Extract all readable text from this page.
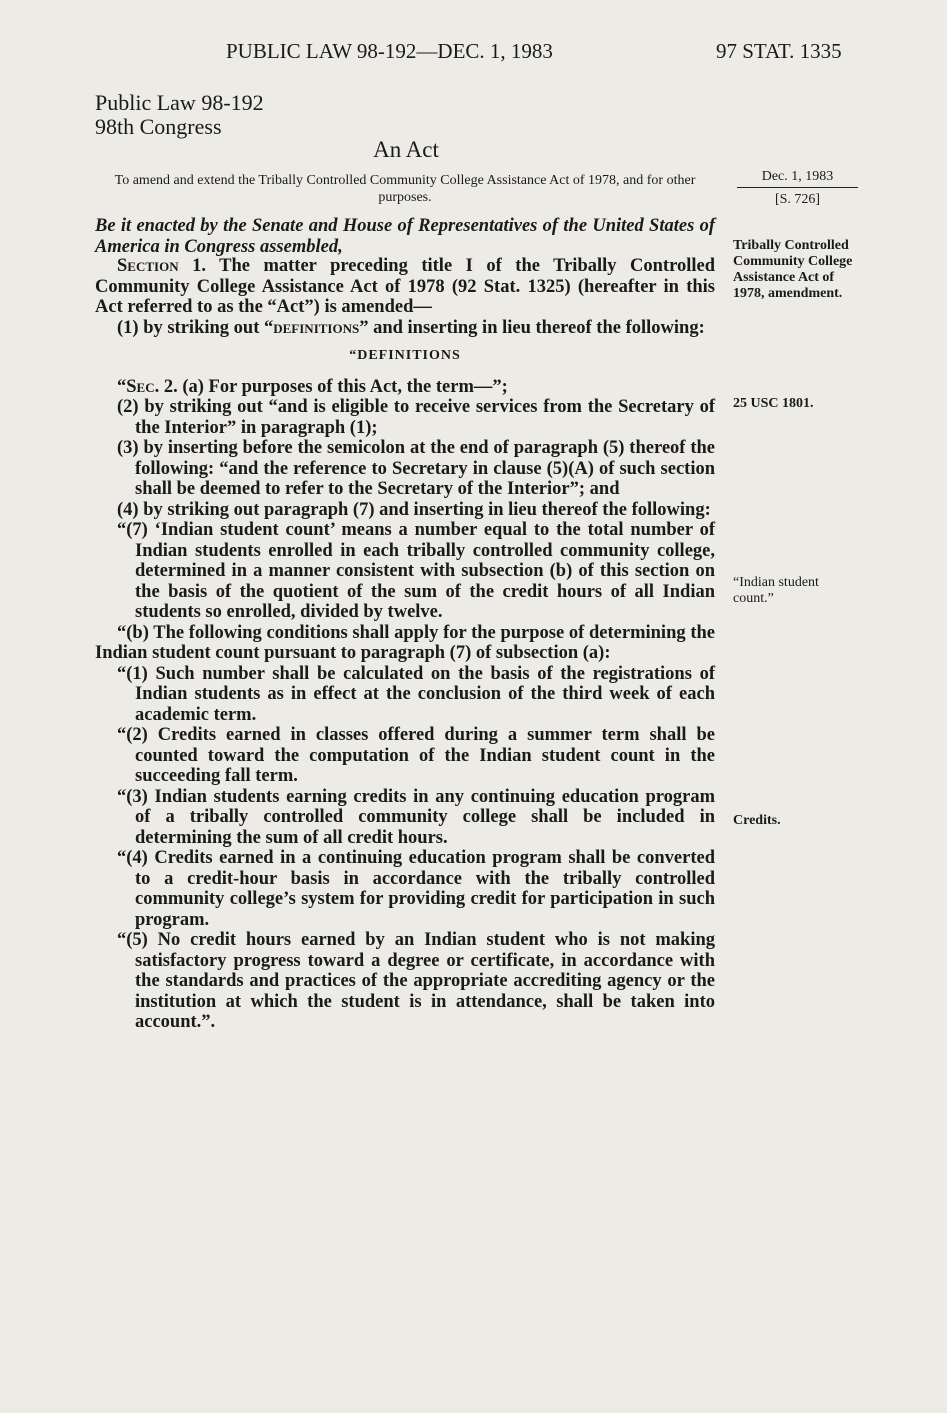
PUBLIC LAW 98-192—DEC. 1, 1983	97 STAT. 1335
Public Law 98-192
98th Congress
An Act
To amend and extend the Tribally Controlled Community College Assistance Act of 1978, and for other purposes.
Be it enacted by the Senate and House of Representatives of the United States of America in Congress assembled,

Section 1. The matter preceding title I of the Tribally Controlled Community College Assistance Act of 1978 (92 Stat. 1325) (hereafter in this Act referred to as the “Act”) is amended—

(1) by striking out “definitions” and inserting in lieu thereof the following:

“DEFINITIONS

“Sec. 2. (a) For purposes of this Act, the term—”;

(2) by striking out “and is eligible to receive services from the Secretary of the Interior” in paragraph (1);

(3) by inserting before the semicolon at the end of paragraph (5) thereof the following: “and the reference to Secretary in clause (5)(A) of such section shall be deemed to refer to the Secretary of the Interior”; and

(4) by striking out paragraph (7) and inserting in lieu thereof the following:

“(7) ‘Indian student count’ means a number equal to the total number of Indian students enrolled in each tribally controlled community college, determined in a manner consistent with subsection (b) of this section on the basis of the quotient of the sum of the credit hours of all Indian students so enrolled, divided by twelve.

“(b) The following conditions shall apply for the purpose of determining the Indian student count pursuant to paragraph (7) of subsection (a):

“(1) Such number shall be calculated on the basis of the registrations of Indian students as in effect at the conclusion of the third week of each academic term.

“(2) Credits earned in classes offered during a summer term shall be counted toward the computation of the Indian student count in the succeeding fall term.

“(3) Indian students earning credits in any continuing education program of a tribally controlled community college shall be included in determining the sum of all credit hours.

“(4) Credits earned in a continuing education program shall be converted to a credit-hour basis in accordance with the tribally controlled community college’s system for providing credit for participation in such program.

“(5) No credit hours earned by an Indian student who is not making satisfactory progress toward a degree or certificate, in accordance with the standards and practices of the appropriate accrediting agency or the institution at which the student is in attendance, shall be taken into account.”.

Dec. 1, 1983
[S. 726]
Tribally Controlled Community College Assistance Act of 1978, amendment.
25 USC 1801.
“Indian student count.”
Credits.
